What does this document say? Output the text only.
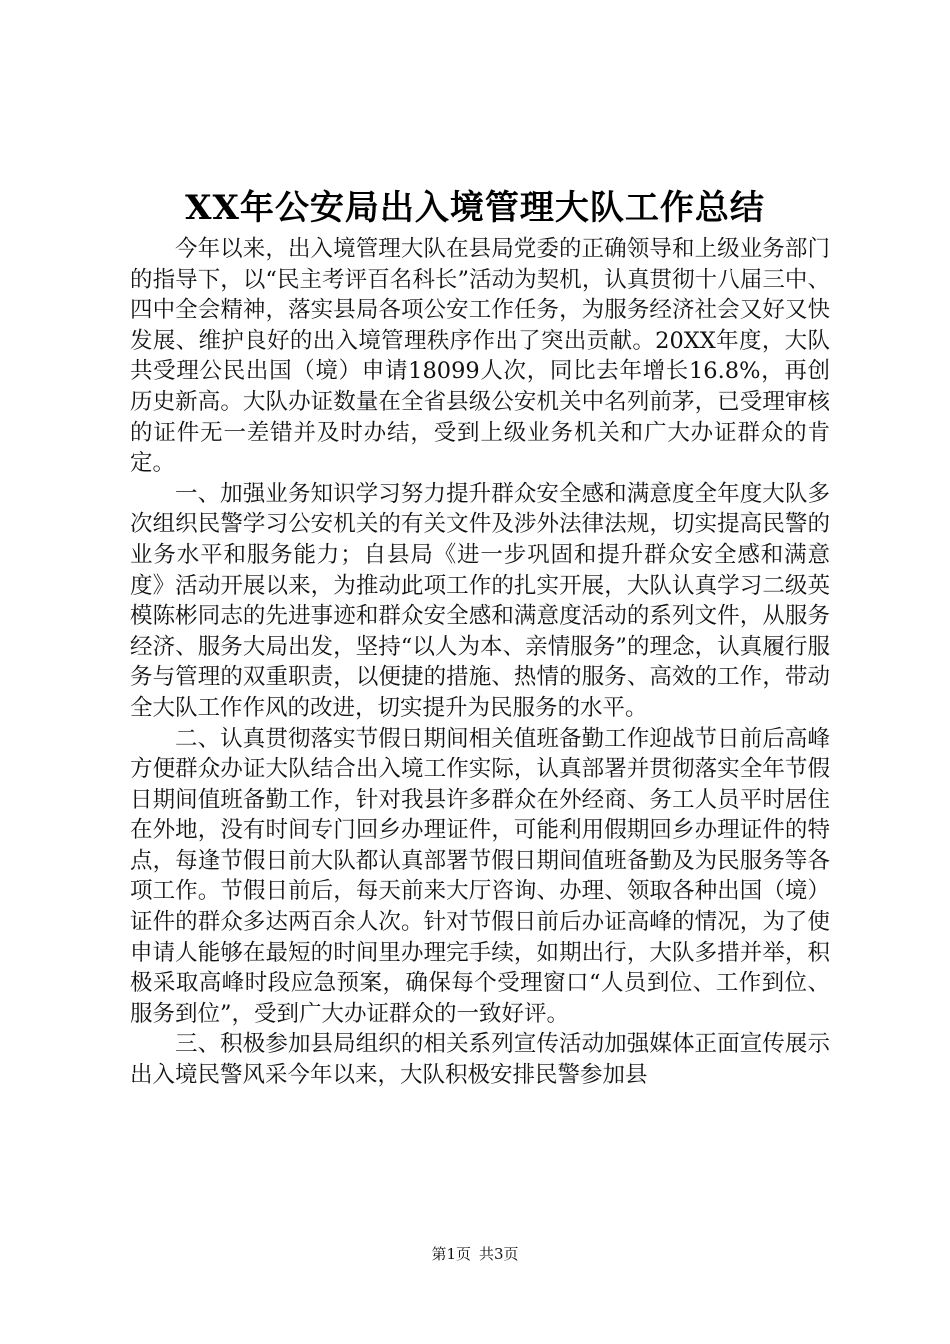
XX年公安局出入境管理大队工作总结

今年以来，出入境管理大队在县局党委的正确领导和上级业务部门的指导下，以“民主考评百名科长”活动为契机，认真贯彻十八届三中、四中全会精神，落实县局各项公安工作任务，为服务经济社会又好又快发展、维护良好的出入境管理秩序作出了突出贡献。20XX年度，大队共受理公民出国（境）申请18099人次，同比去年增长16.8%，再创历史新高。大队办证数量在全省县级公安机关中名列前茅，已受理审核的证件无一差错并及时办结，受到上级业务机关和广大办证群众的肯定。

一、加强业务知识学习努力提升群众安全感和满意度全年度大队多次组织民警学习公安机关的有关文件及涉外法律法规，切实提高民警的业务水平和服务能力；自县局《进一步巩固和提升群众安全感和满意度》活动开展以来，为推动此项工作的扎实开展，大队认真学习二级英模陈彬同志的先进事迹和群众安全感和满意度活动的系列文件，从服务经济、服务大局出发，坚持“以人为本、亲情服务”的理念，认真履行服务与管理的双重职责，以便捷的措施、热情的服务、高效的工作，带动全大队工作作风的改进，切实提升为民服务的水平。

二、认真贯彻落实节假日期间相关值班备勤工作迎战节日前后高峰方便群众办证大队结合出入境工作实际，认真部署并贯彻落实全年节假日期间值班备勤工作，针对我县许多群众在外经商、务工人员平时居住在外地，没有时间专门回乡办理证件，可能利用假期回乡办理证件的特点，每逢节假日前大队都认真部署节假日期间值班备勤及为民服务等各项工作。节假日前后，每天前来大厅咨询、办理、领取各种出国（境）证件的群众多达两百余人次。针对节假日前后办证高峰的情况，为了使申请人能够在最短的时间里办理完手续，如期出行，大队多措并举，积极采取高峰时段应急预案，确保每个受理窗口“人员到位、工作到位、服务到位”，受到广大办证群众的一致好评。

三、积极参加县局组织的相关系列宣传活动加强媒体正面宣传展示出入境民警风采今年以来，大队积极安排民警参加县

第1页 共3页
